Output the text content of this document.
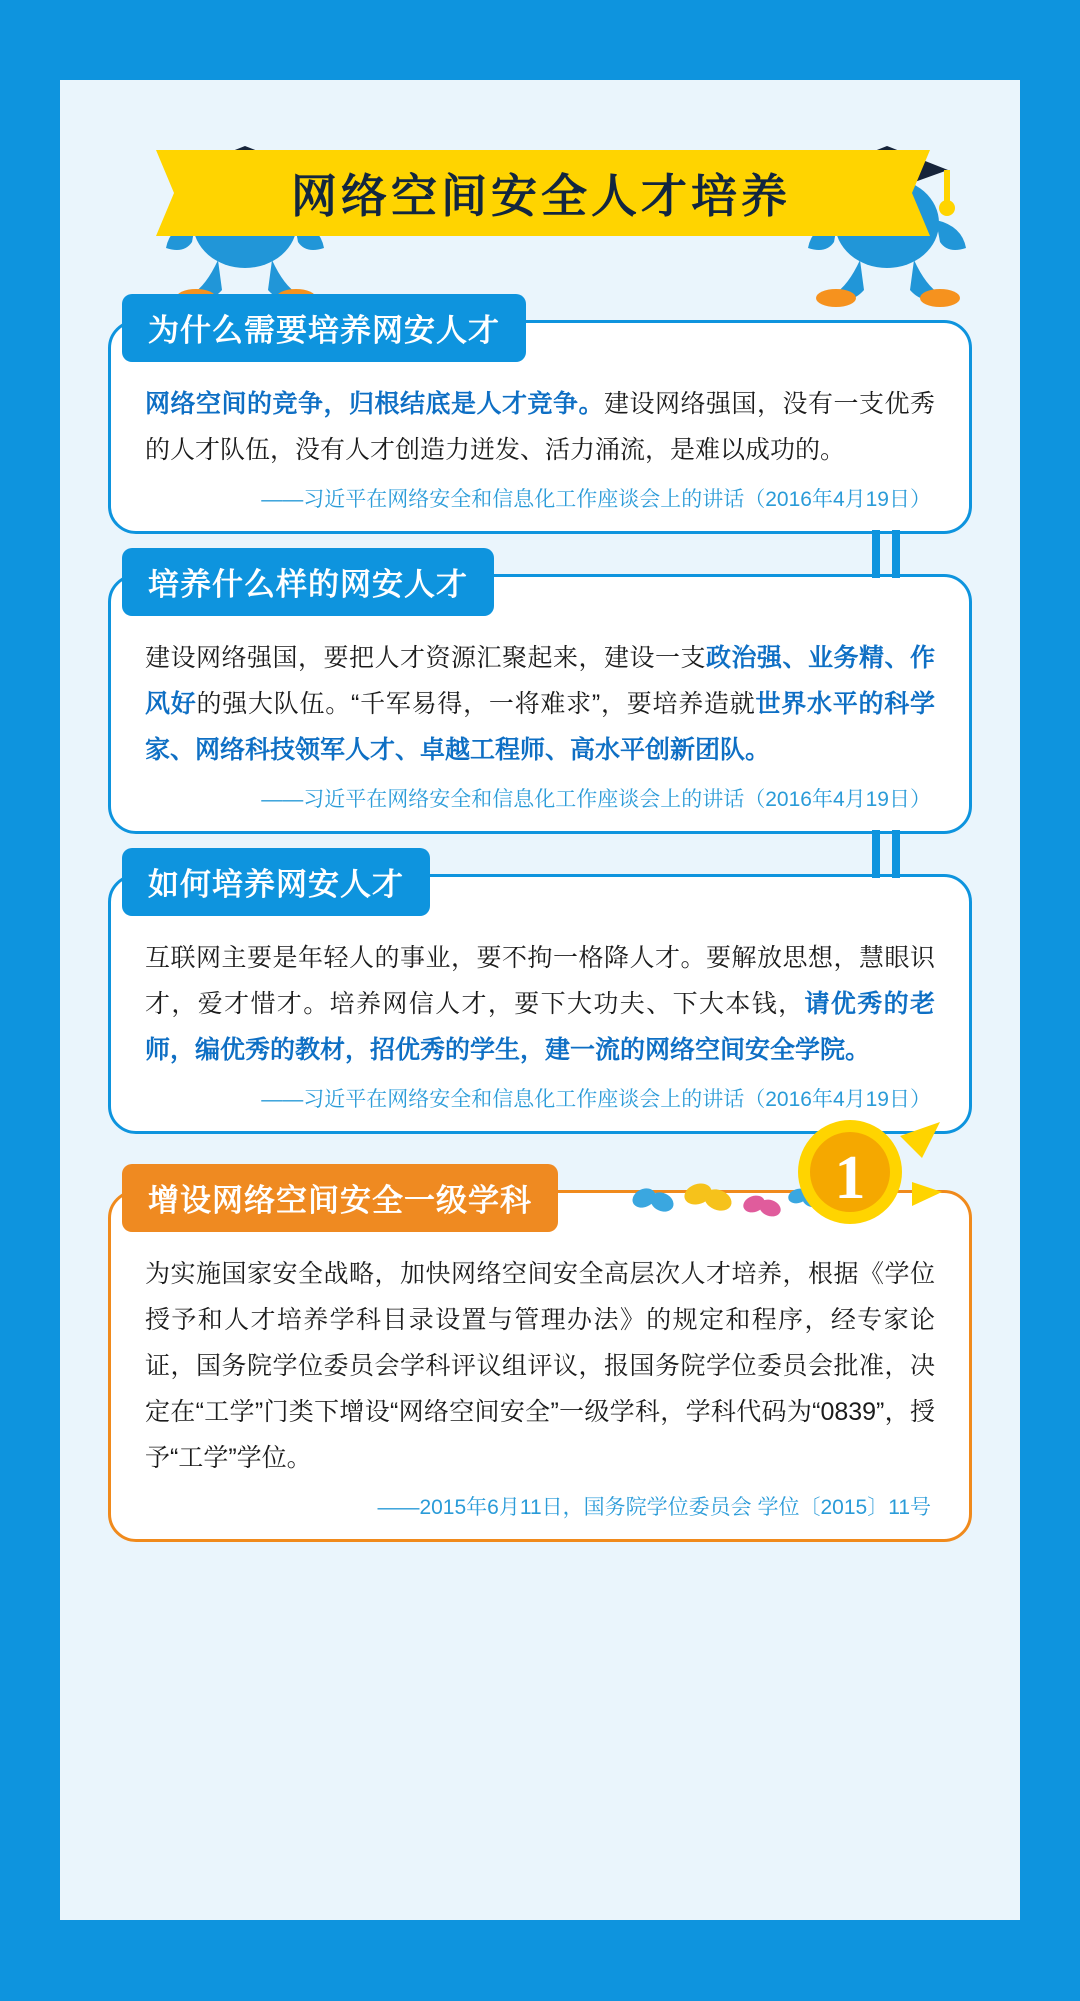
网络空间安全人才培养
为什么需要培养网安人才
网络空间的竞争，归根结底是人才竞争。建设网络强国，没有一支优秀的人才队伍，没有人才创造力迸发、活力涌流，是难以成功的。
——习近平在网络安全和信息化工作座谈会上的讲话（2016年4月19日）
培养什么样的网安人才
建设网络强国，要把人才资源汇聚起来，建设一支政治强、业务精、作风好的强大队伍。“千军易得，一将难求”，要培养造就世界水平的科学家、网络科技领军人才、卓越工程师、高水平创新团队。
——习近平在网络安全和信息化工作座谈会上的讲话（2016年4月19日）
如何培养网安人才
互联网主要是年轻人的事业，要不拘一格降人才。要解放思想，慧眼识才，爱才惜才。培养网信人才，要下大功夫、下大本钱，请优秀的老师，编优秀的教材，招优秀的学生，建一流的网络空间安全学院。
——习近平在网络安全和信息化工作座谈会上的讲话（2016年4月19日）
增设网络空间安全一级学科	1
为实施国家安全战略，加快网络空间安全高层次人才培养，根据《学位授予和人才培养学科目录设置与管理办法》的规定和程序，经专家论证，国务院学位委员会学科评议组评议，报国务院学位委员会批准，决定在“工学”门类下增设“网络空间安全”一级学科，学科代码为“0839”，授予“工学”学位。
——2015年6月11日，国务院学位委员会 学位〔2015〕11号
